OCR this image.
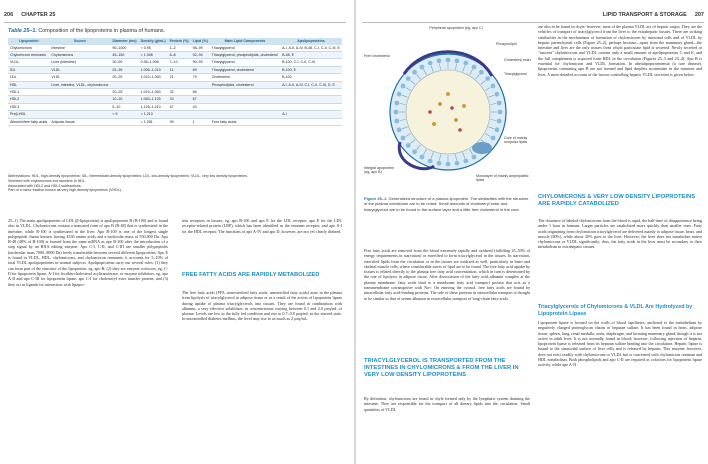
206 CHAPTER 25
Table 25–1. Composition of the lipoproteins in plasma of humans.
Lipoprotein	Source	Diameter (nm)	Density (g/mL)	Protein (%)	Lipid (%)	Main Lipid Components	Apolipoproteins
Chylomicrons	Intestine	90–1000	< 0.95	1–2	98–99	Triacylglycerol	A-I, A-II, A-IV, B-48, C-I, C-II, C-III, E
Chylomicron remnants	Chylomicrons	45–150	< 1.006	6–8	92–94	Triacylglycerol, phospholipids, cholesterol	B-48, E
VLDL	Liver (intestine)	30–90	0.95–1.006	7–10	90–93	Triacylglycerol	B-100, C-I, C-II, C-III
IDL	VLDL	25–35	1.006–1.019	11	89	Triacylglycerol, cholesterol	B-100, E
LDL	VLDL	20–25	1.019–1.063	21	79	Cholesterol	B-100
HDL	Liver, intestine, VLDL, chylomicrons					Phospholipids, cholesterol	A-I, A-II, A-IV, C-I, C-II, C-III, D, E
HDL1		20–25	1.019–1.063	32	68		
HDL2		10–20	1.063–1.125	33	67		
HDL3		5–10	1.125–1.210	57	43		
Preβ-HDL		< 5	> 1.210				A-I
Albumin/free fatty acids	Adipose tissue		> 1.281	99	1	Free fatty acids	
Abbreviations: HDL, high-density lipoproteins; IDL, intermediate-density lipoproteins; LDL, low-density lipoproteins; VLDL, very low density lipoproteins.
Secreted with chylomicrons but transfers to HDL.
Associated with HDL2 and HDL3 subfractions.
Part of a minor fraction known as very high density lipoproteins (VHDL).
25–1). The main apolipoprotein of LDL (β-lipoprotein) is apolipoprotein B (B-100) and is found also in VLDL. Chylomicrons contain a truncated form of apo B (B-48) that is synthesized in the intestine, while B-100 is synthesized in the liver. Apo B-100 is one of the longest single polypeptide chains known, having 4536 amino acids and a molecular mass of 550,000 Da. Apo B-48 (48% of B-100) is formed from the same mRNA as apo B-100 after the introduction of a stop signal by an RNA editing enzyme. Apo C-I, C-II, and C-III are smaller polypeptides (molecular mass 7000–9000 Da) freely transferable between several different lipoproteins. Apo E is found in VLDL, HDL, chylomicrons, and chylomicron remnants; it accounts for 5–10% of total VLDL apolipoproteins in normal subjects. Apolipoproteins carry out several roles: (1) they can form part of the structure of the lipoprotein, eg, apo B; (2) they are enzyme cofactors, eg, C-II for lipoprotein lipase, A-I for lecithin:cholesterol acyltransferase, or enzyme inhibitors, eg, apo A-II and apo C-III for lipoprotein lipase, apo C-I for cholesteryl ester transfer protein; and (3) they act as ligands for interaction with lipopro-
tein receptors in tissues, eg, apo B-100 and apo E for the LDL receptor, apo E for the LDL receptor-related protein (LRP), which has been identified as the remnant receptor, and apo A-I for the HDL receptor. The functions of apo A-IV and apo D, however, are not yet clearly defined.
FREE FATTY ACIDS ARE RAPIDLY METABOLIZED
The free fatty acids (FFA, nonesterified fatty acids, unesterified fatty acids) arise in the plasma from lipolysis of triacylglycerol in adipose tissue or as a result of the action of lipoprotein lipase during uptake of plasma triacylglycerols into tissues. They are found in combination with albumin, a very effective solubilizer, in concentrations varying between 0.1 and 2.0 µeq/mL of plasma. Levels are low in the fully fed condition and rise to 0.7–0.8 µeq/mL in the starved state. In uncontrolled diabetes mellitus, the level may rise to as much as 2 µeq/mL.
LIPID TRANSPORT & STORAGE 207
Peripheral apoprotein (eg, apo C)
Free cholesterol
Phospholipid
Cholesteryl ester
Triacylglycerol
Core of mainly nonpolar lipids
Integral apoprotein (eg, apo B)
Monolayer of mainly amphipathic lipids
Figure 25–1. Generalized structure of a plasma lipoprotein. The similarities with the structure of the plasma membrane are to be noted. Small amounts of cholesteryl ester and triacylglycerol are to be found in the surface layer and a little free cholesterol in the core.
Free fatty acids are removed from the blood extremely rapidly and oxidized (fulfilling 25–50% of energy requirements in starvation) or esterified to form triacylglycerol in the tissues. In starvation, esterified lipids from the circulation or in the tissues are oxidized as well, particularly in heart and skeletal muscle cells, where considerable stores of lipid are to be found. The free fatty acid uptake by tissues is related directly to the plasma free fatty acid concentration, which in turn is determined by the rate of lipolysis in adipose tissue. After dissociation of the fatty acid–albumin complex at the plasma membrane, fatty acids bind to a membrane fatty acid transport protein that acts as a transmembrane cotransporter with Na+. On entering the cytosol, free fatty acids are bound by intracellular fatty acid-binding proteins. The role of these proteins in intracellular transport is thought to be similar to that of serum albumin in extracellular transport of long-chain fatty acids.
TRIACYLGLYCEROL IS TRANSPORTED FROM THE INTESTINES IN CHYLOMICRONS & FROM THE LIVER IN VERY LOW DENSITY LIPOPROTEINS
By definition, chylomicrons are found in chyle formed only by the lymphatic system draining the intestine. They are responsible for the transport of all dietary lipids into the circulation. Small quantities of VLDL
are also to be found in chyle; however, most of the plasma VLDL are of hepatic origin. They are the vehicles of transport of triacylglycerol from the liver to the extrahepatic tissues. There are striking similarities in the mechanisms of formation of chylomicrons by intestinal cells and of VLDL by hepatic parenchymal cells (Figure 25–2), perhaps because—apart from the mammary gland—the intestine and liver are the only tissues from which particulate lipid is secreted. Newly secreted or "nascent" chylomicrons and VLDL contain only a small amount of apolipoproteins C and E, and the full complement is acquired from HDL in the circulation (Figures 25–3 and 25–4). Apo B is essential for chylomicron and VLDL formation. In abetalipoproteinemia (a rare disease), lipoproteins containing apo B are not formed and lipid droplets accumulate in the intestine and liver. A more detailed account of the factors controlling hepatic VLDL secretion is given below.
CHYLOMICRONS & VERY LOW DENSITY LIPOPROTEINS ARE RAPIDLY CATABOLIZED
The clearance of labeled chylomicrons from the blood is rapid, the half-time of disappearance being under 1 hour in humans. Larger particles are catabolized more quickly than smaller ones. Fatty acids originating from chylomicron triacylglycerol are delivered mainly to adipose tissue, heart, and muscle (80%), while about 20% goes to the liver. However, the liver does not metabolize native chylomicrons or VLDL significantly; thus, the fatty acids in the liver must be secondary to their metabolism in extrahepatic tissues.
Triacylglycerols of Chylomicrons & VLDL Are Hydrolyzed by Lipoprotein Lipase
Lipoprotein lipase is located on the walls of blood capillaries, anchored to the endothelium by negatively charged proteoglycan chains of heparan sulfate. It has been found in heart, adipose tissue, spleen, lung, renal medulla, aorta, diaphragm, and lactating mammary gland, though it is not active in adult liver. It is not normally found in blood; however, following injection of heparin, lipoprotein lipase is released from its heparan sulfate binding into the circulation. Hepatic lipase is bound to the sinusoidal surface of liver cells and is released by heparin. This enzyme, however, does not react readily with chylomicrons or VLDL but is concerned with chylomicron remnant and HDL metabolism. Both phospholipids and apo C-II are required as cofactors for lipoprotein lipase activity, while apo A-II
